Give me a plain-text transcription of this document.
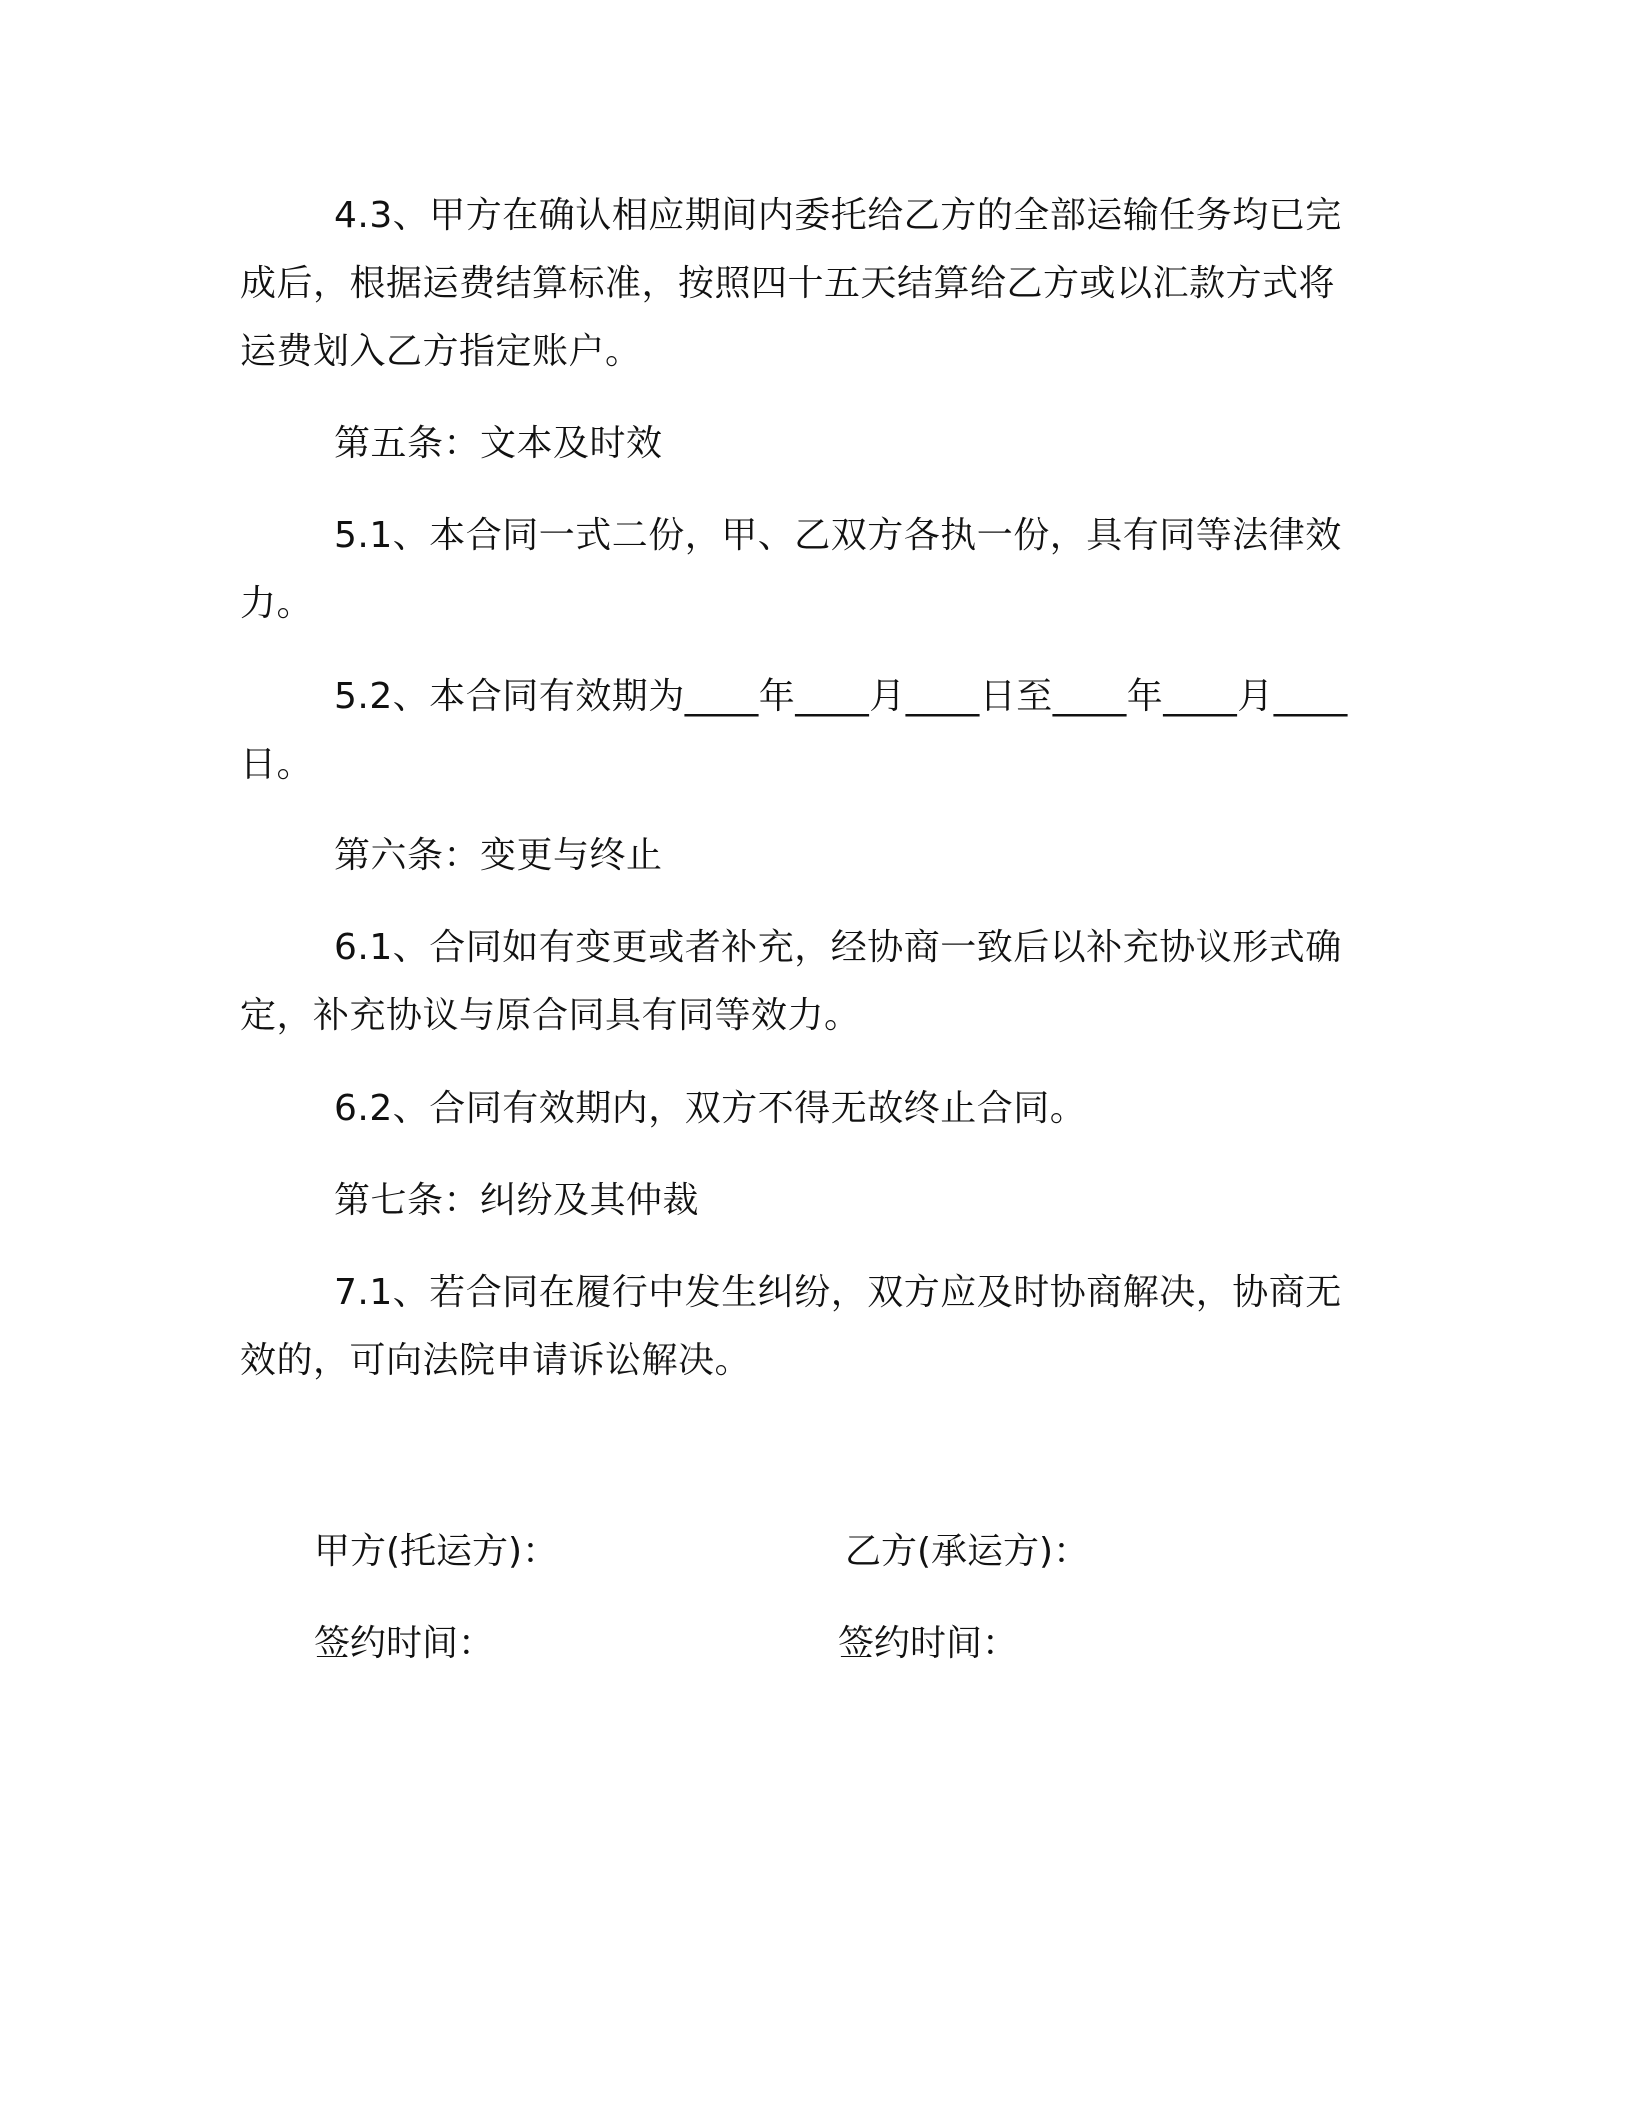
4.3、甲方在确认相应期间内委托给乙方的全部运输任务均已完成后，根据运费结算标准，按照四十五天结算给乙方或以汇款方式将运费划入乙方指定账户。

第五条：文本及时效

5.1、本合同一式二份，甲、乙双方各执一份，具有同等法律效力。

5.2、本合同有效期为____年____月____日至____年____月____日。

第六条：变更与终止

6.1、合同如有变更或者补充，经协商一致后以补充协议形式确定，补充协议与原合同具有同等效力。

6.2、合同有效期内，双方不得无故终止合同。

第七条：纠纷及其仲裁

7.1、若合同在履行中发生纠纷，双方应及时协商解决，协商无效的，可向法院申请诉讼解决。

甲方(托运方)：	乙方(承运方)：

签约时间：	签约时间：
